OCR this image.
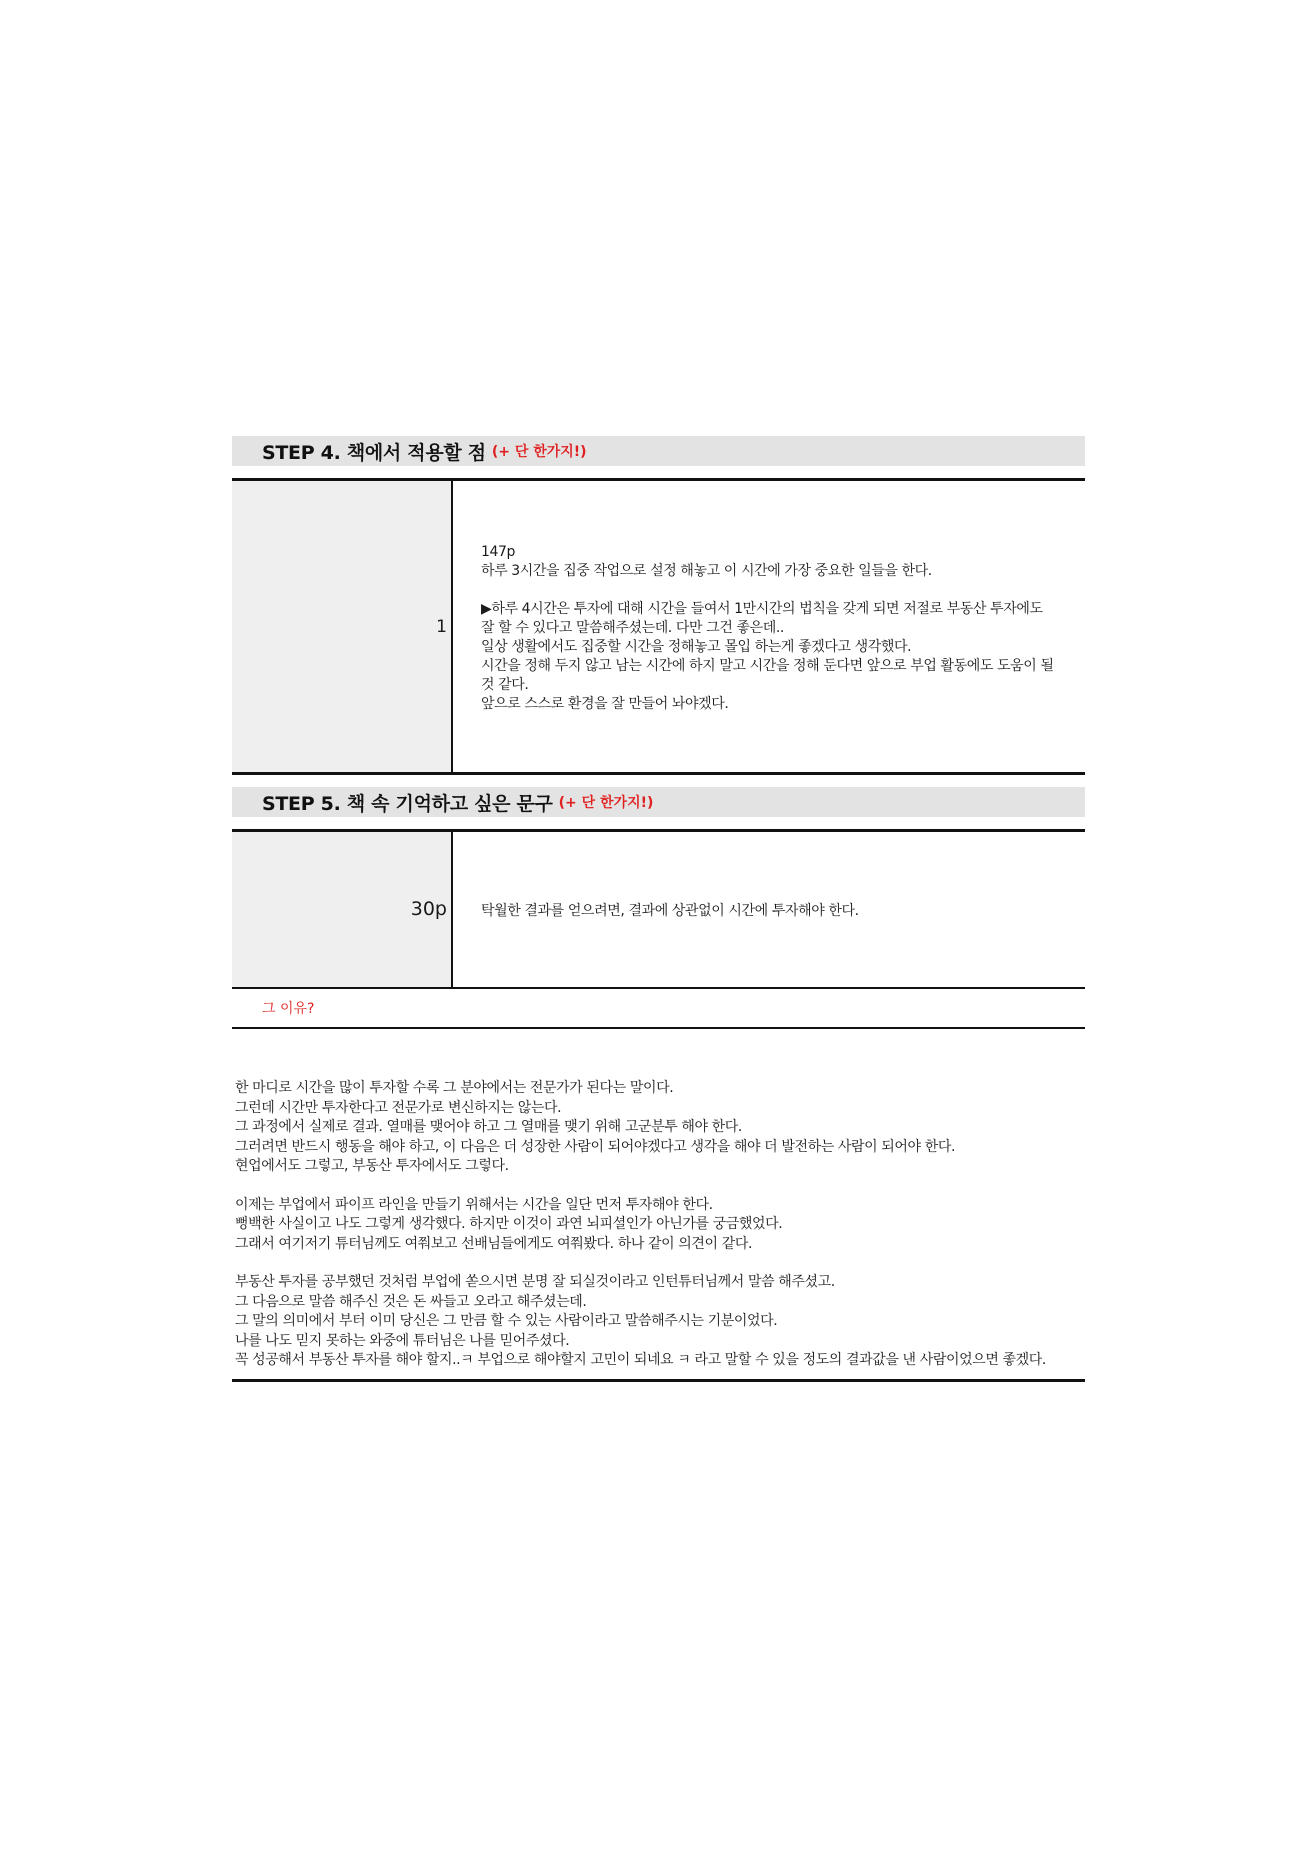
STEP 4. 책에서 적용할 점 (+ 단 한가지!)
1
147p
하루 3시간을 집중 작업으로 설정 해놓고 이 시간에 가장 중요한 일들을 한다.
▶하루 4시간은 투자에 대해 시간을 들여서 1만시간의 법칙을 갖게 되면 저절로 부동산 투자에도
잘 할 수 있다고 말씀해주셨는데. 다만 그건 좋은데..
일상 생활에서도 집중할 시간을 정해놓고 몰입 하는게 좋겠다고 생각했다.
시간을 정해 두지 않고 남는 시간에 하지 말고 시간을 정해 둔다면 앞으로 부업 활동에도 도움이 될
것 같다.
앞으로 스스로 환경을 잘 만들어 놔야겠다.
STEP 5. 책 속 기억하고 싶은 문구 (+ 단 한가지!)
30p	탁월한 결과를 얻으려면, 결과에 상관없이 시간에 투자해야 한다.
그 이유?
한 마디로 시간을 많이 투자할 수록 그 분야에서는 전문가가 된다는 말이다.
그런데 시간만 투자한다고 전문가로 변신하지는 않는다.
그 과정에서 실제로 결과. 열매를 맺어야 하고 그 열매를 맺기 위해 고군분투 해야 한다.
그러려면 반드시 행동을 해야 하고, 이 다음은 더 성장한 사람이 되어야겠다고 생각을 해야 더 발전하는 사람이 되어야 한다.
현업에서도 그렇고, 부동산 투자에서도 그렇다.
이제는 부업에서 파이프 라인을 만들기 위해서는 시간을 일단 먼저 투자해야 한다.
뻥백한 사실이고 나도 그렇게 생각했다. 하지만 이것이 과연 뇌피셜인가 아닌가를 궁금했었다.
그래서 여기저기 튜터님께도 여쭤보고 선배님들에게도 여쭤봤다. 하나 같이 의견이 같다.
부동산 투자를 공부했던 것처럼 부업에 쏟으시면 분명 잘 되실것이라고 인턴튜터님께서 말씀 해주셨고.
그 다음으로 말씀 해주신 것은 돈 싸들고 오라고 해주셨는데.
그 말의 의미에서 부터 이미 당신은 그 만큼 할 수 있는 사람이라고 말씀해주시는 기분이었다.
나를 나도 믿지 못하는 와중에 튜터님은 나를 믿어주셨다.
꼭 성공해서 부동산 투자를 해야 할지..ㅋ 부업으로 해야할지 고민이 되네요 ㅋ 라고 말할 수 있을 정도의 결과값을 낸 사람이었으면 좋겠다.
